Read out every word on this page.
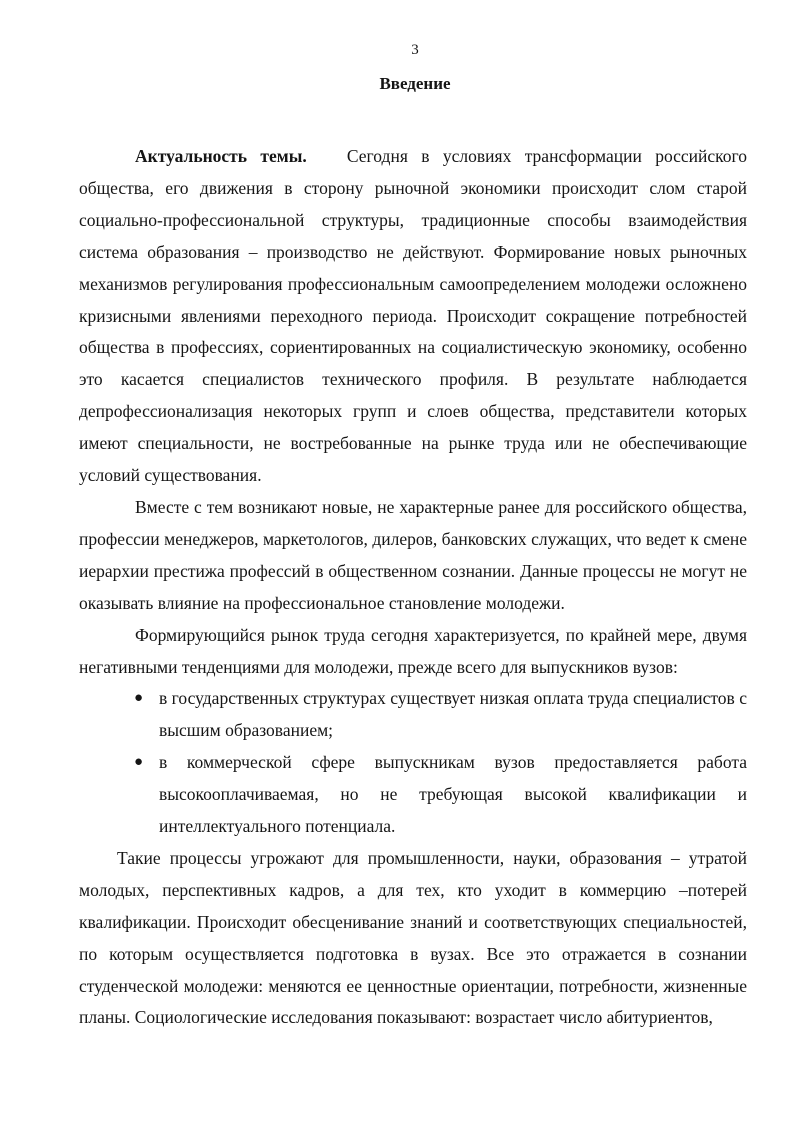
3
Введение

Актуальность темы. Сегодня в условиях трансформации российского общества, его движения в сторону рыночной экономики происходит слом старой социально-профессиональной структуры, традиционные способы взаимодействия система образования – производство не действуют. Формирование новых рыночных механизмов регулирования профессиональным самоопределением молодежи осложнено кризисными явлениями переходного периода. Происходит сокращение потребностей общества в профессиях, сориентированных на социалистическую экономику, особенно это касается специалистов технического профиля. В результате наблюдается депрофессионализация некоторых групп и слоев общества, представители которых имеют специальности, не востребованные на рынке труда или не обеспечивающие условий существования.

Вместе с тем возникают новые, не характерные ранее для российского общества, профессии менеджеров, маркетологов, дилеров, банковских служащих, что ведет к смене иерархии престижа профессий в общественном сознании. Данные процессы не могут не оказывать влияние на профессиональное становление молодежи.

Формирующийся рынок труда сегодня характеризуется, по крайней мере, двумя негативными тенденциями для молодежи, прежде всего для выпускников вузов:

● в государственных структурах существует низкая оплата труда специалистов с высшим образованием;
● в коммерческой сфере выпускникам вузов предоставляется работа высокооплачиваемая, но не требующая высокой квалификации и интеллектуального потенциала.

Такие процессы угрожают для промышленности, науки, образования – утратой молодых, перспективных кадров, а для тех, кто уходит в коммерцию –потерей квалификации. Происходит обесценивание знаний и соответствующих специальностей, по которым осуществляется подготовка в вузах. Все это отражается в сознании студенческой молодежи: меняются ее ценностные ориентации, потребности, жизненные планы. Социологические исследования показывают: возрастает число абитуриентов,
